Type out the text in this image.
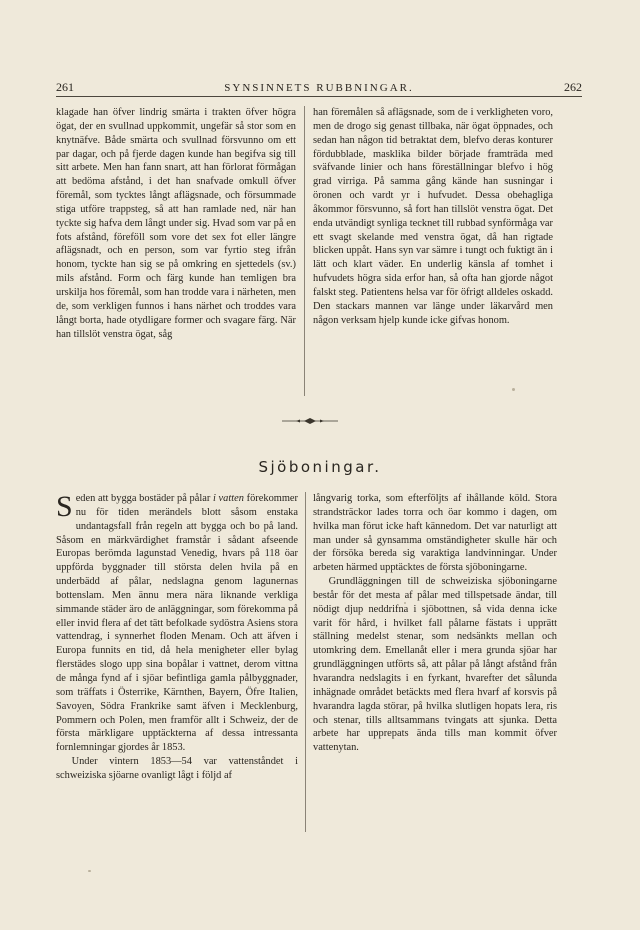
261	SYNSINNETS RUBBNINGAR.	262

klagade han öfver lindrig smärta i trakten öfver högra ögat, der en svullnad uppkommit, ungefär så stor som en knytnäfve. Både smärta och svullnad försvunno om ett par dagar, och på fjerde dagen kunde han begifva sig till sitt arbete. Men han fann snart, att han förlorat förmågan att bedöma afstånd, i det han snafvade omkull öfver föremål, som tycktes långt aflägsnade, och försummade stiga utföre trappsteg, så att han ramlade ned, när han tyckte sig hafva dem långt under sig. Hvad som var på en fots afstånd, föreföll som vore det sex fot eller längre aflägsnadt, och en person, som var fyrtio steg ifrån honom, tyckte han sig se på omkring en sjettedels (sv.) mils afstånd. Form och färg kunde han temligen bra urskilja hos föremål, som han trodde vara i närheten, men de, som verkligen funnos i hans närhet och troddes vara långt borta, hade otydligare former och svagare färg. När han tillslöt venstra ögat, såg

han föremålen så aflägsnade, som de i verkligheten voro, men de drogo sig genast tillbaka, när ögat öppnades, och sedan han någon tid betraktat dem, blefvo deras konturer fördubblade, masklika bilder började framträda med sväfvande linier och hans föreställningar blefvo i hög grad virriga. På samma gång kände han susningar i öronen och vardt yr i hufvudet. Dessa obehagliga åkommor försvunno, så fort han tillslöt venstra ögat. Det enda utvändigt synliga tecknet till rubbad synförmåga var ett svagt skelande med venstra ögat, då han rigtade blicken uppåt. Hans syn var sämre i tungt och fuktigt än i lätt och klart väder. En underlig känsla af tomhet i hufvudets högra sida erfor han, så ofta han gjorde något falskt steg. Patientens helsa var för öfrigt alldeles oskadd. Den stackars mannen var länge under läkarvård men någon verksam hjelp kunde icke gifvas honom.

Sjöboningar.

Seden att bygga bostäder på pålar i vatten förekommer nu för tiden merändels blott såsom enstaka undantagsfall från regeln att bygga och bo på land. Såsom en märkvärdighet framstår i sådant afseende Europas berömda lagunstad Venedig, hvars på 118 öar uppförda byggnader till största delen hvila på en underbädd af pålar, nedslagna genom lagunernas bottenslam. Men ännu mera nära liknande verkliga simmande städer äro de anläggningar, som förekomma på eller invid flera af det tätt befolkade sydöstra Asiens stora vattendrag, i synnerhet floden Menam. Och att äfven i Europa funnits en tid, då hela menigheter eller bylag flerstädes slogo upp sina bopålar i vattnet, derom vittna de många fynd af i sjöar befintliga gamla pålbyggnader, som träffats i Österrike, Kärnthen, Bayern, Öfre Italien, Savoyen, Södra Frankrike samt äfven i Mecklenburg, Pommern och Polen, men framför allt i Schweiz, der de första märkligare upptäckterna af dessa intressanta fornlemningar gjordes år 1853.

Under vintern 1853—54 var vattenståndet i schweiziska sjöarne ovanligt lågt i följd af

långvarig torka, som efterföljts af ihållande köld. Stora strandsträckor lades torra och öar kommo i dagen, om hvilka man förut icke haft kännedom. Det var naturligt att man under så gynsamma omständigheter skulle här och der försöka bereda sig varaktiga landvinningar. Under arbeten härmed upptäcktes de första sjöboningarne.

Grundläggningen till de schweiziska sjöboningarne består för det mesta af pålar med tillspetsade ändar, till nödigt djup neddrifna i sjöbottnen, så vida denna icke varit för hård, i hvilket fall pålarne fästats i upprätt ställning medelst stenar, som nedsänkts mellan och utomkring dem. Emellanåt eller i mera grunda sjöar har grundläggningen utförts så, att pålar på långt afstånd från hvarandra nedslagits i en fyrkant, hvarefter det sålunda inhägnade området betäckts med flera hvarf af korsvis på hvarandra lagda störar, på hvilka slutligen hopats lera, ris och stenar, tills alltsammans tvingats att sjunka. Detta arbete har upprepats ända tills man kommit öfver vattenytan.
